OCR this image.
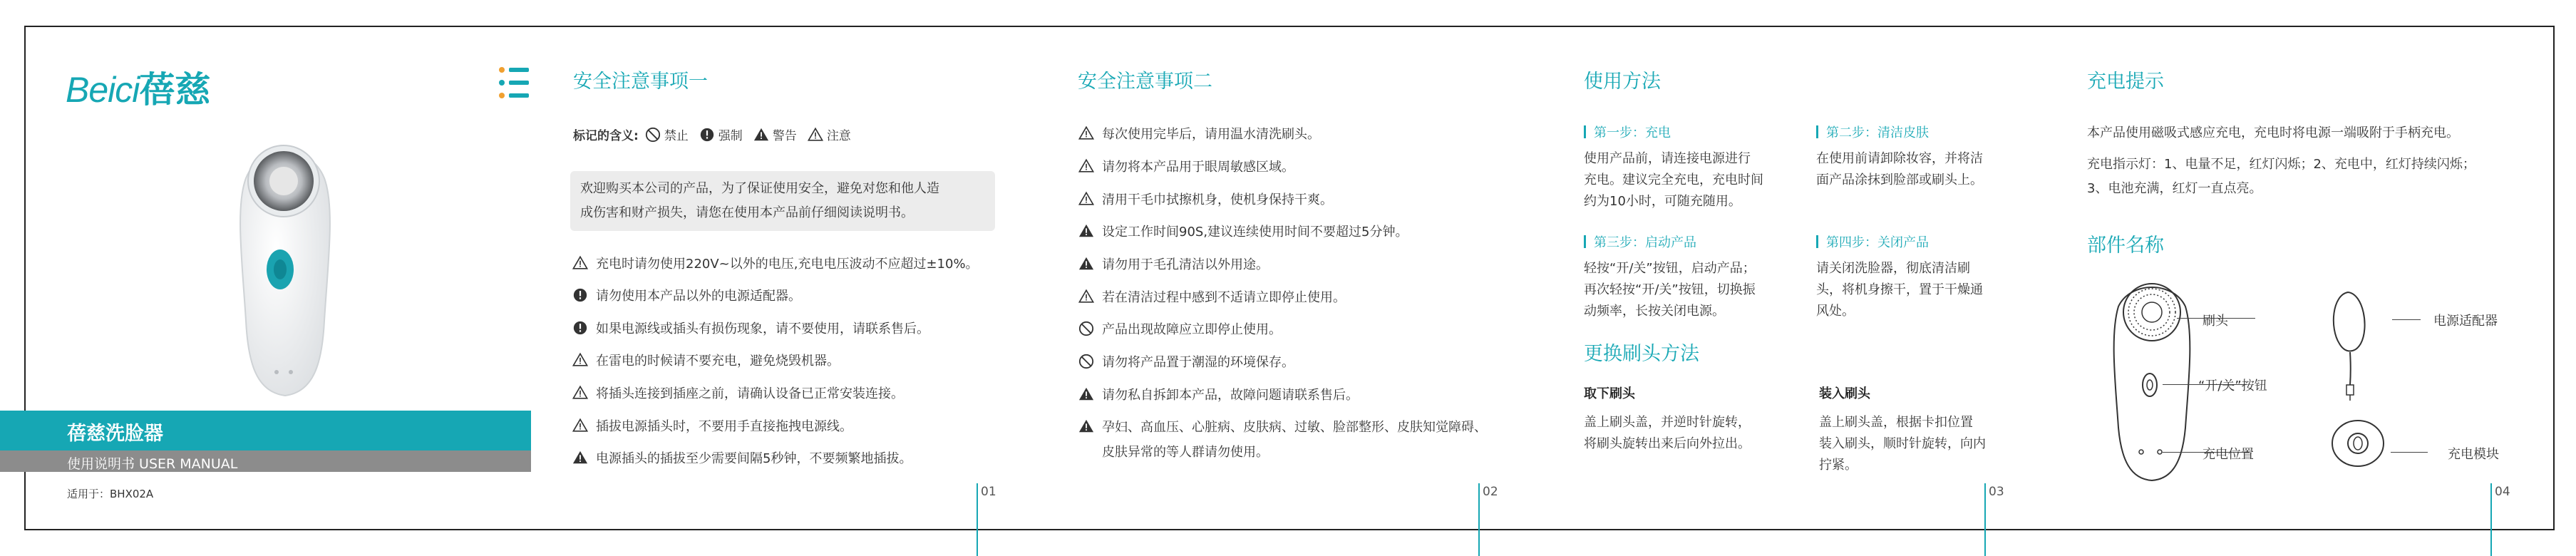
Beici蓓慈
蓓慈洗脸器
使用说明书 USER MANUAL
适用于：BHX02A
安全注意事项一
标记的含义: 禁止 强制 警告 注意
欢迎购买本公司的产品，为了保证使用安全，避免对您和他人造
成伤害和财产损失，请您在使用本产品前仔细阅读说明书。
充电时请勿使用220V~以外的电压,充电电压波动不应超过±10%。
请勿使用本产品以外的电源适配器。
如果电源线或插头有损伤现象，请不要使用，请联系售后。
在雷电的时候请不要充电，避免烧毁机器。
将插头连接到插座之前，请确认设备已正常安装连接。
插拔电源插头时，不要用手直接拖拽电源线。
电源插头的插拔至少需要间隔5秒钟，不要频繁地插拔。
01
安全注意事项二
每次使用完毕后，请用温水清洗刷头。
请勿将本产品用于眼周敏感区域。
清用干毛巾拭擦机身，使机身保持干爽。
设定工作时间90S,建议连续使用时间不要超过5分钟。
请勿用于毛孔清洁以外用途。
若在清洁过程中感到不适请立即停止使用。
产品出现故障应立即停止使用。
请勿将产品置于潮湿的环境保存。
请勿私自拆卸本产品，故障问题请联系售后。
孕妇、高血压、心脏病、皮肤病、过敏、脸部整形、皮肤知觉障碍、
皮肤异常的等人群请勿使用。
02
使用方法
第一步：充电
使用产品前，请连接电源进行
充电。建议完全充电，充电时间
约为10小时，可随充随用。
第二步：清洁皮肤
在使用前请卸除妆容，并将洁
面产品涂抹到脸部或刷头上。
第三步：启动产品
轻按“开/关”按钮，启动产品；
再次轻按“开/关”按钮，切换振
动频率，长按关闭电源。
第四步：关闭产品
请关闭洗脸器，彻底清洁刷
头，将机身擦干，置于干燥通
风处。
更换刷头方法
取下刷头
盖上刷头盖，并逆时针旋转，
将刷头旋转出来后向外拉出。
装入刷头
盖上刷头盖，根据卡扣位置
装入刷头，顺时针旋转，向内
拧紧。
03
充电提示
本产品使用磁吸式感应充电，充电时将电源一端吸附于手柄充电。
充电指示灯：1、电量不足，红灯闪烁；2、充电中，红灯持续闪烁；
3、电池充满，红灯一直点亮。
部件名称
刷头
“开/关”按钮
充电位置
电源适配器
充电模块
04
